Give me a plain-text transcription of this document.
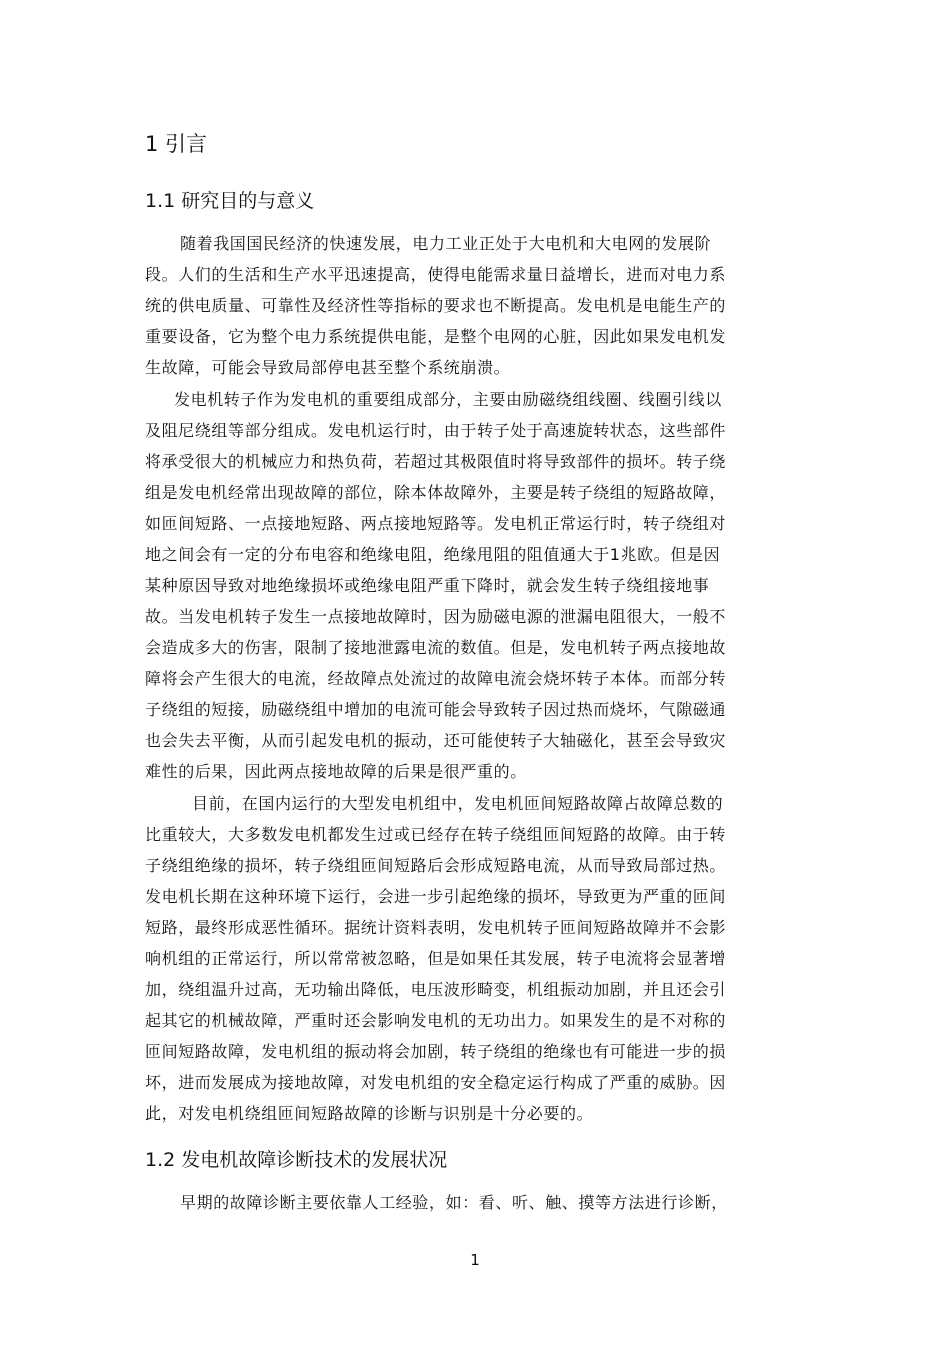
1 引言
1.1 研究目的与意义
随着我国国民经济的快速发展，电力工业正处于大电机和大电网的发展阶
段。人们的生活和生产水平迅速提高，使得电能需求量日益增长，进而对电力系
统的供电质量、可靠性及经济性等指标的要求也不断提高。发电机是电能生产的
重要设备，它为整个电力系统提供电能，是整个电网的心脏，因此如果发电机发
生故障，可能会导致局部停电甚至整个系统崩溃。
发电机转子作为发电机的重要组成部分，主要由励磁绕组线圈、线圈引线以
及阻尼绕组等部分组成。发电机运行时，由于转子处于高速旋转状态，这些部件
将承受很大的机械应力和热负荷，若超过其极限值时将导致部件的损坏。转子绕
组是发电机经常出现故障的部位，除本体故障外，主要是转子绕组的短路故障，
如匝间短路、一点接地短路、两点接地短路等。发电机正常运行时，转子绕组对
地之间会有一定的分布电容和绝缘电阻，绝缘甩阻的阻值通大于1兆欧。但是因
某种原因导致对地绝缘损坏或绝缘电阻严重下降时，就会发生转子绕组接地事
故。当发电机转子发生一点接地故障时，因为励磁电源的泄漏电阻很大，一般不
会造成多大的伤害，限制了接地泄露电流的数值。但是，发电机转子两点接地故
障将会产生很大的电流，经故障点处流过的故障电流会烧坏转子本体。而部分转
子绕组的短接，励磁绕组中增加的电流可能会导致转子因过热而烧坏，气隙磁通
也会失去平衡，从而引起发电机的振动，还可能使转子大轴磁化，甚至会导致灾
难性的后果，因此两点接地故障的后果是很严重的。
目前，在国内运行的大型发电机组中，发电机匝间短路故障占故障总数的
比重较大，大多数发电机都发生过或已经存在转子绕组匝间短路的故障。由于转
子绕组绝缘的损坏，转子绕组匝间短路后会形成短路电流，从而导致局部过热。
发电机长期在这种环境下运行，会进一步引起绝缘的损坏，导致更为严重的匝间
短路，最终形成恶性循环。据统计资料表明，发电机转子匝间短路故障并不会影
响机组的正常运行，所以常常被忽略，但是如果任其发展，转子电流将会显著增
加，绕组温升过高，无功输出降低，电压波形畸变，机组振动加剧，并且还会引
起其它的机械故障，严重时还会影响发电机的无功出力。如果发生的是不对称的
匝间短路故障，发电机组的振动将会加剧，转子绕组的绝缘也有可能进一步的损
坏，进而发展成为接地故障，对发电机组的安全稳定运行构成了严重的威胁。因
此，对发电机绕组匝间短路故障的诊断与识别是十分必要的。
1.2 发电机故障诊断技术的发展状况
早期的故障诊断主要依靠人工经验，如：看、听、触、摸等方法进行诊断，
1
